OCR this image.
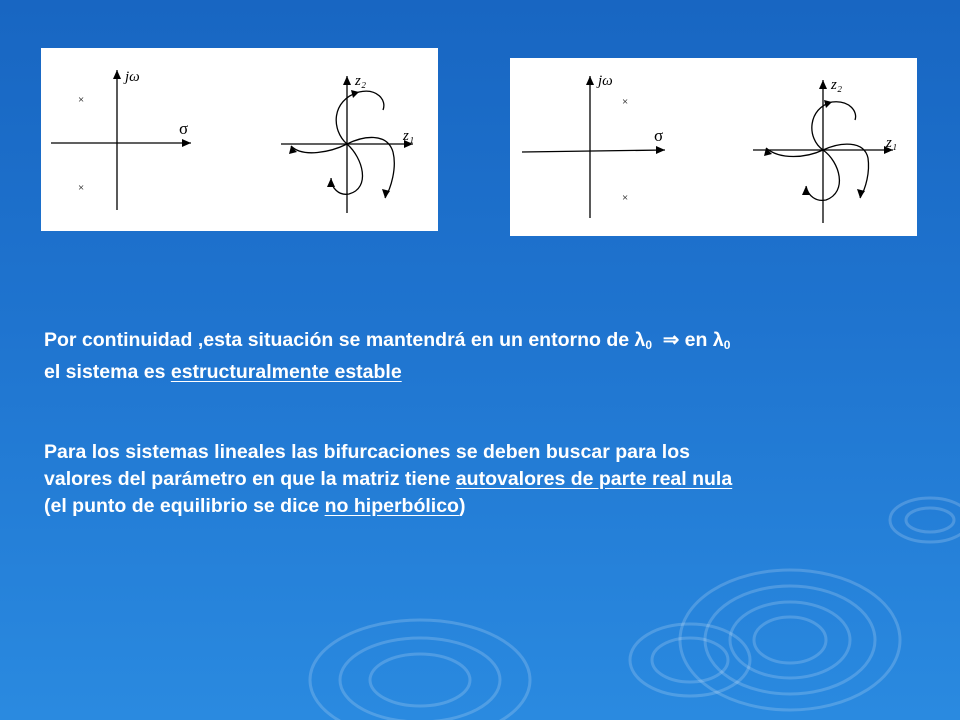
×
×
jω
σ
z₂
z₁
×
×
jω
σ
z₂
z₁

Por continuidad ,esta situación se mantendrá en un entorno de $\lambda_0$ ⇒ en $\lambda_0$
el sistema es estructuralmente estable

Para los sistemas lineales las bifurcaciones se deben buscar para los
valores del parámetro en que la matriz tiene autovalores de parte real nula
(el punto de equilibrio se dice no hiperbólico)
